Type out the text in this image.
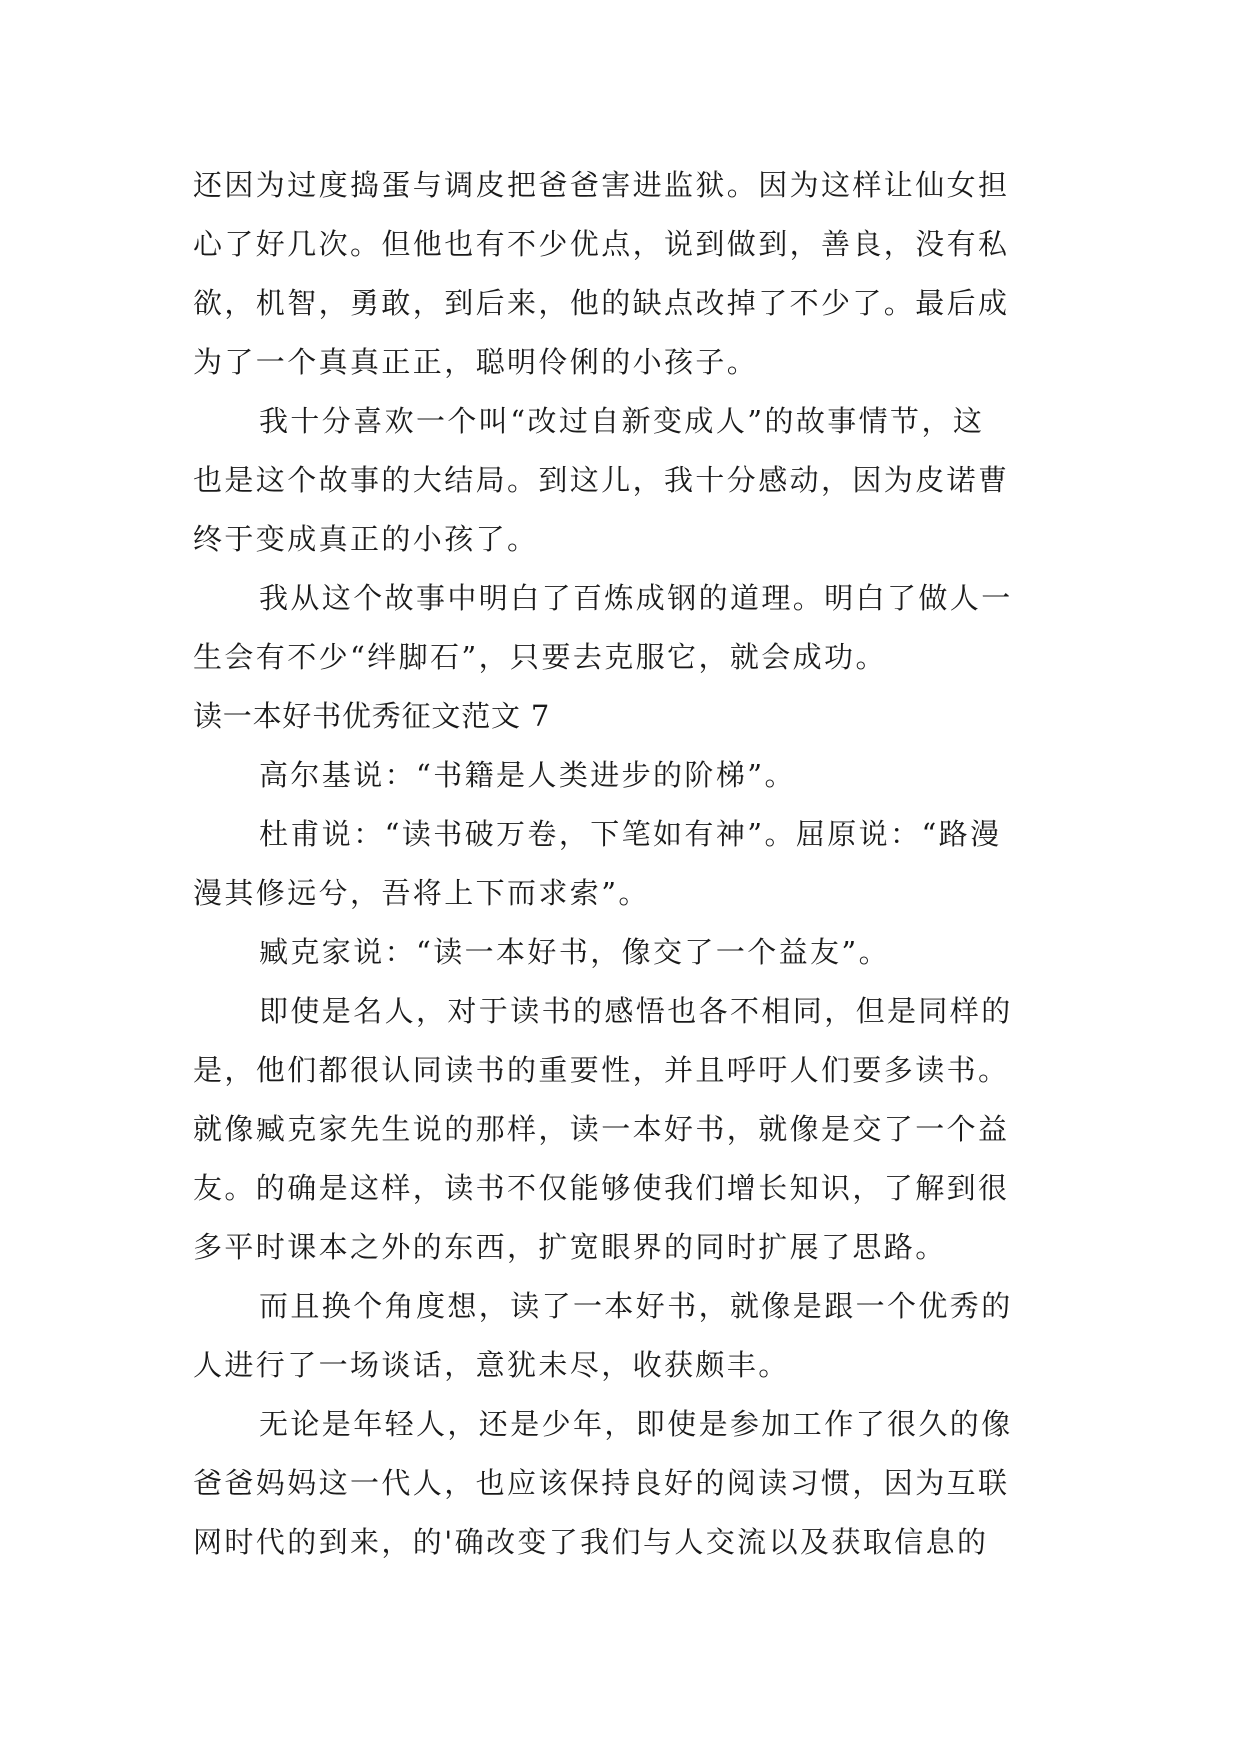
还因为过度捣蛋与调皮把爸爸害进监狱。因为这样让仙女担
心了好几次。但他也有不少优点，说到做到，善良，没有私
欲，机智，勇敢，到后来，他的缺点改掉了不少了。最后成
为了一个真真正正，聪明伶俐的小孩子。
我十分喜欢一个叫“改过自新变成人”的故事情节，这
也是这个故事的大结局。到这儿，我十分感动，因为皮诺曹
终于变成真正的小孩了。
我从这个故事中明白了百炼成钢的道理。明白了做人一
生会有不少“绊脚石”，只要去克服它，就会成功。
读一本好书优秀征文范文 7
高尔基说：“书籍是人类进步的阶梯”。
杜甫说：“读书破万卷，下笔如有神”。屈原说：“路漫
漫其修远兮，吾将上下而求索”。
臧克家说：“读一本好书，像交了一个益友”。
即使是名人，对于读书的感悟也各不相同，但是同样的
是，他们都很认同读书的重要性，并且呼吁人们要多读书。
就像臧克家先生说的那样，读一本好书，就像是交了一个益
友。的确是这样，读书不仅能够使我们增长知识，了解到很
多平时课本之外的东西，扩宽眼界的同时扩展了思路。
而且换个角度想，读了一本好书，就像是跟一个优秀的
人进行了一场谈话，意犹未尽，收获颇丰。
无论是年轻人，还是少年，即使是参加工作了很久的像
爸爸妈妈这一代人，也应该保持良好的阅读习惯，因为互联
网时代的到来，的'确改变了我们与人交流以及获取信息的
